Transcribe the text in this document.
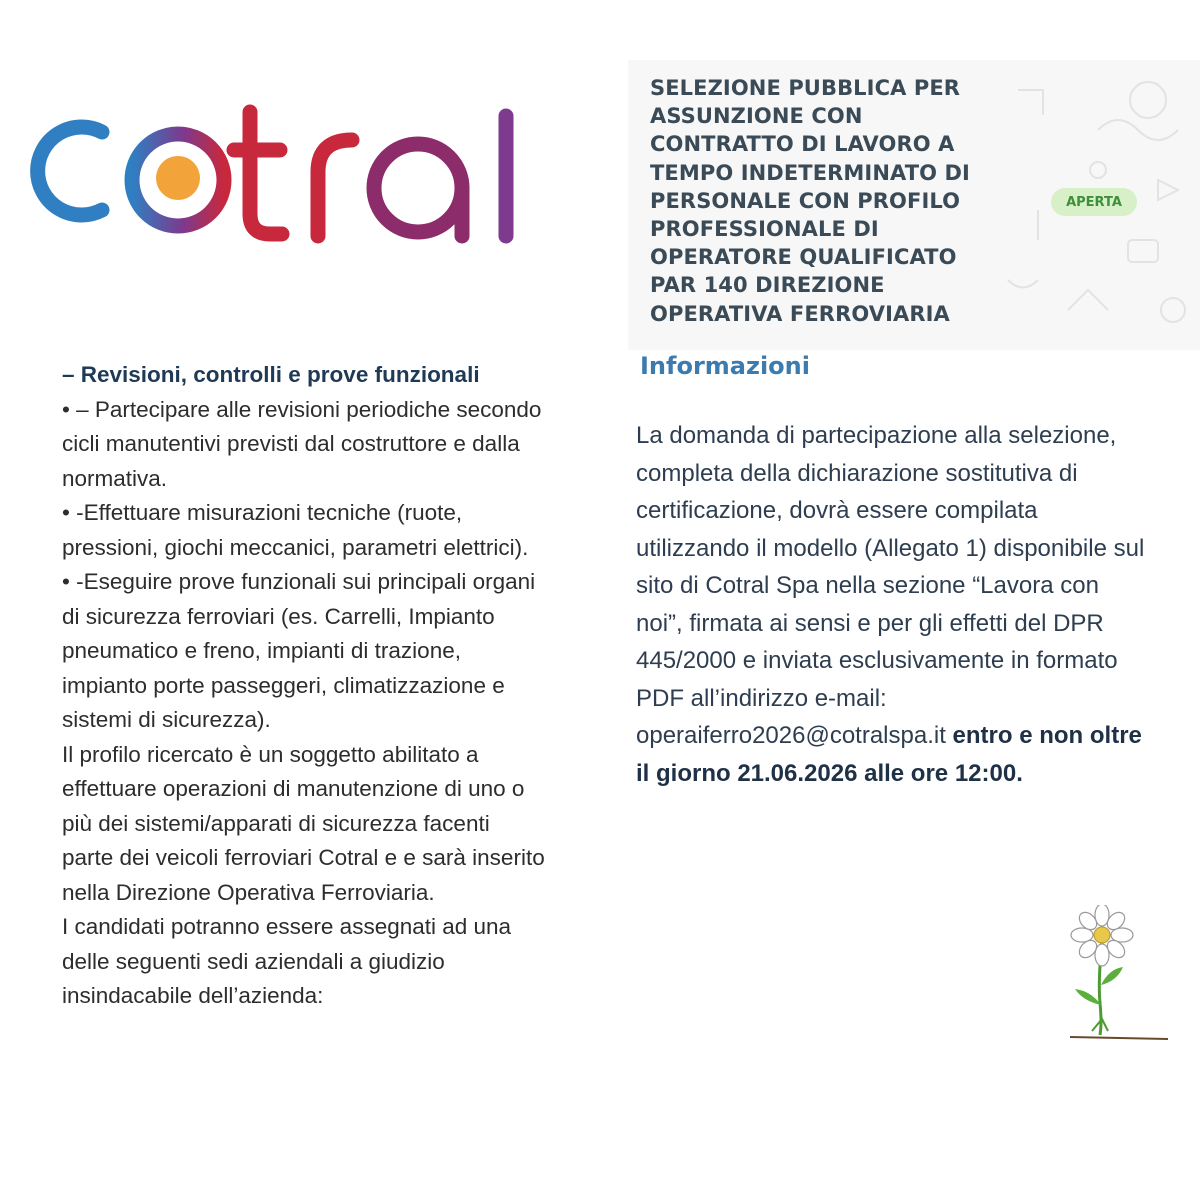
SELEZIONE PUBBLICA PER
ASSUNZIONE CON
CONTRATTO DI LAVORO A
TEMPO INDETERMINATO DI
PERSONALE CON PROFILO
PROFESSIONALE DI
OPERATORE QUALIFICATO
PAR 140 DIREZIONE
OPERATIVA FERROVIARIA
APERTA
– Revisioni, controlli e prove funzionali
• – Partecipare alle revisioni periodiche secondo
cicli manutentivi previsti dal costruttore e dalla
normativa.
• -Effettuare misurazioni tecniche (ruote,
pressioni, giochi meccanici, parametri elettrici).
• -Eseguire prove funzionali sui principali organi
di sicurezza ferroviari (es. Carrelli, Impianto
pneumatico e freno, impianti di trazione,
impianto porte passeggeri, climatizzazione e
sistemi di sicurezza).
Il profilo ricercato è un soggetto abilitato a
effettuare operazioni di manutenzione di uno o
più dei sistemi/apparati di sicurezza facenti
parte dei veicoli ferroviari Cotral e e sarà inserito
nella Direzione Operativa Ferroviaria.
I candidati potranno essere assegnati ad una
delle seguenti sedi aziendali a giudizio
insindacabile dell’azienda:
Informazioni
La domanda di partecipazione alla selezione,
completa della dichiarazione sostitutiva di
certificazione, dovrà essere compilata
utilizzando il modello (Allegato 1) disponibile sul
sito di Cotral Spa nella sezione “Lavora con
noi”, firmata ai sensi e per gli effetti del DPR
445/2000 e inviata esclusivamente in formato
PDF all’indirizzo e-mail:
operaiferro2026@cotralspa.it entro e non oltre
il giorno 21.06.2026 alle ore 12:00.
